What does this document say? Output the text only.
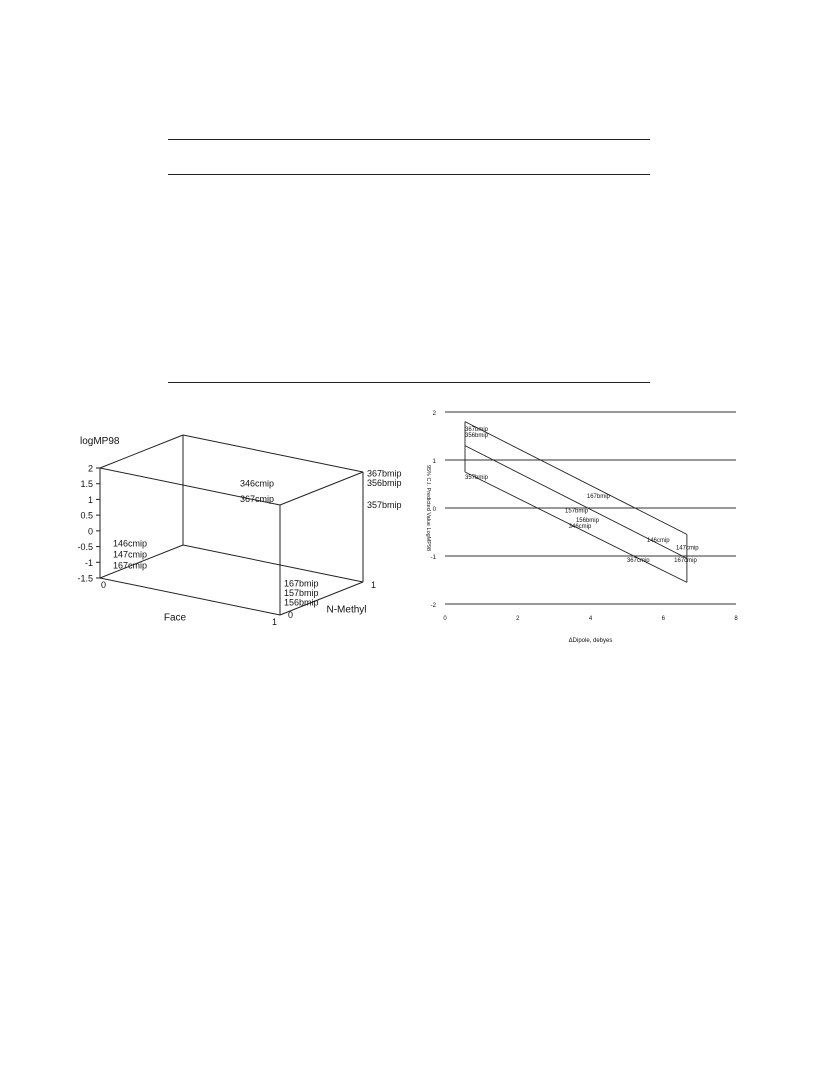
2
1.5
1
0.5
0
-0.5
-1
-1.5
logMP98
0
1
Face	0
1
N-Methyl
146cmip
147cmip
167cmip
346cmip
367cmip
367bmip
356bmip
357bmip
167bmip
157bmip
156bmip
2
1
0
-1
-2
0	2	4	6	8
ΔDipole, debyes
95% C.I. Predicted Value LogMP98
367bmip
356bmip
357bmip
167bmip
157bmip
156bmip
346cmip
146cmip
147cmip
367cmip	167cmip
